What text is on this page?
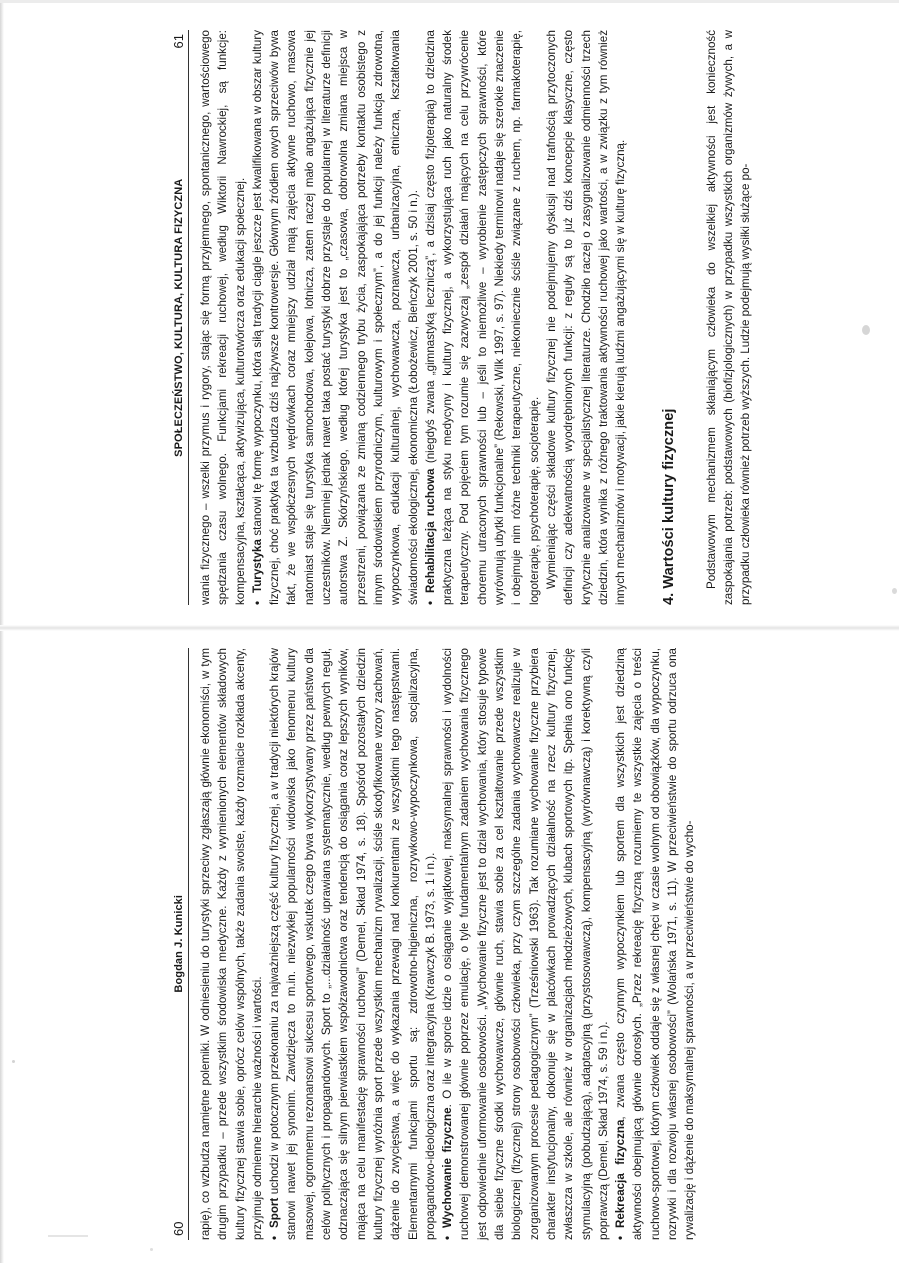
60
Bogdan J. Kunicki rapię), co wzbudza namiętne polemiki. W odniesieniu do turystyki sprzeciwy zgłaszają głównie ekonomiści, w tym drugim przypadku – przede wszystkim środowiska medyczne. Każdy z wymienionych elementów składowych kultury fizycznej stawia sobie, oprócz celów wspólnych, także zadania swoiste, każdy rozmaicie rozkłada akcenty, przyjmuje odmienne hierarchie ważności i wartości. •Sport uchodzi w potocznym przekonaniu za najważniejszą część kultury fizycznej, a w tradycji niektórych krajów stanowi nawet jej synonim. Zawdzięcza to m.in. niezwykłej popularności widowiska jako fenomenu kultury masowej, ogromnemu rezonansowi sukcesu sportowego, wskutek czego bywa wykorzystywany przez państwo dla celów politycznych i propagandowych. Sport to „...działalność uprawiana systematycznie, według pewnych reguł, odznaczająca się silnym pierwiastkiem współzawodnictwa oraz tendencją do osiągania coraz lepszych wyników, mająca na celu manifestację sprawności ruchowej” (Demel, Skład 1974, s. 18). Spośród pozostałych dziedzin kultury fizycznej wyróżnia sport przede wszystkim mechanizm rywalizacji, ściśle skodyfikowane wzory zachowań, dążenie do zwycięstwa, a więc do wykazania przewagi nad konkurentami ze wszystkimi tego następstwami. Elementarnymi funkcjami sportu są: zdrowotno-higieniczna, rozrywkowo-wypoczynkowa, socjalizacyjna, propagandowo-ideologiczna oraz integracyjna (Krawczyk B. 1973, s. 1 i n.). •Wychowanie fizyczne. O ile w sporcie idzie o osiąganie wyjątkowej, maksymalnej sprawności i wydolności ruchowej demonstrowanej głównie poprzez emulację, o tyle fundamentalnym zadaniem wychowania fizycznego jest odpowiednie uformowanie osobowości. „Wychowanie fizyczne jest to dział wychowania, który stosuje typowe dla siebie fizyczne środki wychowawcze, głównie ruch, stawia sobie za cel kształtowanie przede wszystkim biologicznej (fizycznej) strony osobowości człowieka, przy czym szczególne zadania wychowawcze realizuje w zorganizowanym procesie pedagogicznym” (Trześniowski 1963). Tak rozumiane wychowanie fizyczne przybiera charakter instytucjonalny, dokonuje się w placówkach prowadzących działalność na rzecz kultury fizycznej, zwłaszcza w szkole, ale również w organizacjach młodzieżowych, klubach sportowych itp. Spełnia ono funkcję stymulacyjną (pobudzającą), adaptacyjną (przystosowawczą), kompensacyjną (wyrównawczą) i korektywną czyli poprawczą (Demel, Skład 1974, s. 59 i n.). •Rekreacja fizyczna, zwana często czynnym wypoczynkiem lub sportem dla wszystkich jest dziedziną aktywności obejmującą głównie dorosłych. „Przez rekreację fizyczną rozumiemy te wszystkie zajęcia o treści ruchowo-sportowej, którym człowiek oddaje się z własnej chęci w czasie wolnym od obowiązków, dla wypoczynku, rozrywki i dla rozwoju własnej osobowości” (Wolańska 1971, s. 11). W przeciwieństwie do sportu odrzuca ona rywalizację i dążenie do maksymalnej sprawności, a w przeciwieństwie do wycho-

SPOŁECZEŃSTWO, KULTURA, KULTURA FIZYCZNA
61 wania fizycznego – wszelki przymus i rygory, stając się formą przyjemnego, spontanicznego, wartościowego spędzania czasu wolnego. Funkcjami rekreacji ruchowej, według Wiktorii Nawrockiej, są funkcje: kompensacyjna, kształcąca, aktywizująca, kulturotwórcza oraz edukacji społecznej. •Turystyka stanowi tę formę wypoczynku, która siłą tradycji ciągle jeszcze jest kwalifikowana w obszar kultury fizycznej, choć praktyka ta wzbudza dziś najżywsze kontrowersje. Głównym źródłem owych sprzeciwów bywa fakt, że we współczesnych wędrówkach coraz mniejszy udział mają zajęcia aktywne ruchowo, masowa natomiast staje się turystyka samochodowa, kolejowa, lotnicza, zatem raczej mało angażująca fizycznie jej uczestników. Niemniej jednak nawet taka postać turystyki dobrze przystaje do popularnej w literaturze definicji autorstwa Z. Skórzyńskiego, według której turystyka jest to „czasowa, dobrowolna zmiana miejsca w przestrzeni, powiązana ze zmianą codziennego trybu życia, zaspokajająca potrzeby kontaktu osobistego z innym środowiskiem przyrodniczym, kulturowym i społecznym”, a do jej funkcji należy funkcja zdrowotna, wypoczynkowa, edukacji kulturalnej, wychowawcza, poznawcza, urbanizacyjna, etniczna, kształtowania świadomości ekologicznej, ekonomiczna (Łobożewicz, Bieńczyk 2001, s. 50 i n.). •Rehabilitacja ruchowa (niegdyś zwana „gimnastyką leczniczą”, a dzisiaj często fizjoterapią) to dziedzina praktyczna leżąca na styku medycyny i kultury fizycznej, a wykorzystująca ruch jako naturalny środek terapeutyczny. Pod pojęciem tym rozumie się zazwyczaj „zespół działań mających na celu przywrócenie choremu utraconych sprawności lub – jeśli to niemożliwe – wyrobienie zastępczych sprawności, które wyrównują ubytki funkcjonalne” (Rekowski, Wilk 1997, s. 97). Niekiedy terminowi nadaje się szerokie znaczenie i obejmuje nim różne techniki terapeutyczne, niekoniecznie ściśle związane z ruchem, np. farmakoterapię, logoterapię, psychoterapię, socjoterapię. Wymieniając części składowe kultury fizycznej nie podejmujemy dyskusji nad trafnością przytoczonych definicji czy adekwatnością wyodrębnionych funkcji: z reguły są to już dziś koncepcje klasyczne, często krytycznie analizowane w specjalistycznej literaturze. Chodziło raczej o zasygnalizowanie odmienności trzech dziedzin, która wynika z różnego traktowania aktywności ruchowej jako wartości, a w związku z tym również innych mechanizmów i motywacji, jakie kierują ludźmi angażującymi się w kulturę fizyczną. 4. Wartości kultury fizycznej Podstawowym mechanizmem skłaniającym człowieka do wszelkiej aktywności jest konieczność zaspokajania potrzeb: podstawowych (biofizjologicznych) w przypadku wszystkich organizmów żywych, a w przypadku człowieka również potrzeb wyższych. Ludzie podejmują wysiłki służące po-
